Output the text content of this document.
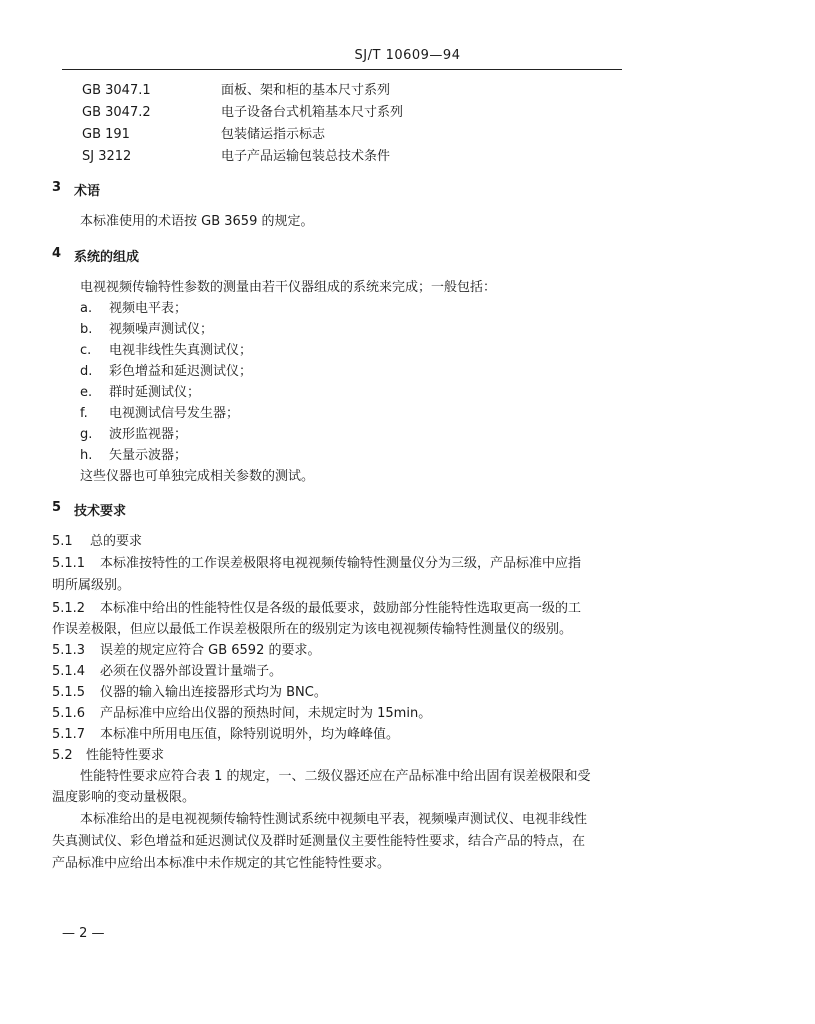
SJ/T 10609—94
GB 3047.1	面板、架和柜的基本尺寸系列
GB 3047.2	电子设备台式机箱基本尺寸系列
GB 191	包装储运指示标志
SJ 3212	电子产品运输包装总技术条件
3 术语
本标准使用的术语按 GB 3659 的规定。
4 系统的组成
电视视频传输特性参数的测量由若干仪器组成的系统来完成；一般包括：
a. 视频电平表；
b. 视频噪声测试仪；
c. 电视非线性失真测试仪；
d. 彩色增益和延迟测试仪；
e. 群时延测试仪；
f. 电视测试信号发生器；
g. 波形监视器；
h. 矢量示波器；
这些仪器也可单独完成相关参数的测试。
5 技术要求
5.1 总的要求
5.1.1 本标准按特性的工作误差极限将电视视频传输特性测量仪分为三级，产品标准中应指
明所属级别。
5.1.2 本标准中给出的性能特性仅是各级的最低要求，鼓励部分性能特性选取更高一级的工
作误差极限，但应以最低工作误差极限所在的级别定为该电视视频传输特性测量仪的级别。
5.1.3 误差的规定应符合 GB 6592 的要求。
5.1.4 必须在仪器外部设置计量端子。
5.1.5 仪器的输入输出连接器形式均为 BNC。
5.1.6 产品标准中应给出仪器的预热时间，未规定时为 15min。
5.1.7 本标准中所用电压值，除特别说明外，均为峰峰值。
5.2 性能特性要求
性能特性要求应符合表 1 的规定，一、二级仪器还应在产品标准中给出固有误差极限和受
温度影响的变动量极限。
本标准给出的是电视视频传输特性测试系统中视频电平表，视频噪声测试仪、电视非线性
失真测试仪、彩色增益和延迟测试仪及群时延测量仪主要性能特性要求，结合产品的特点，在
产品标准中应给出本标准中未作规定的其它性能特性要求。
— 2 —
